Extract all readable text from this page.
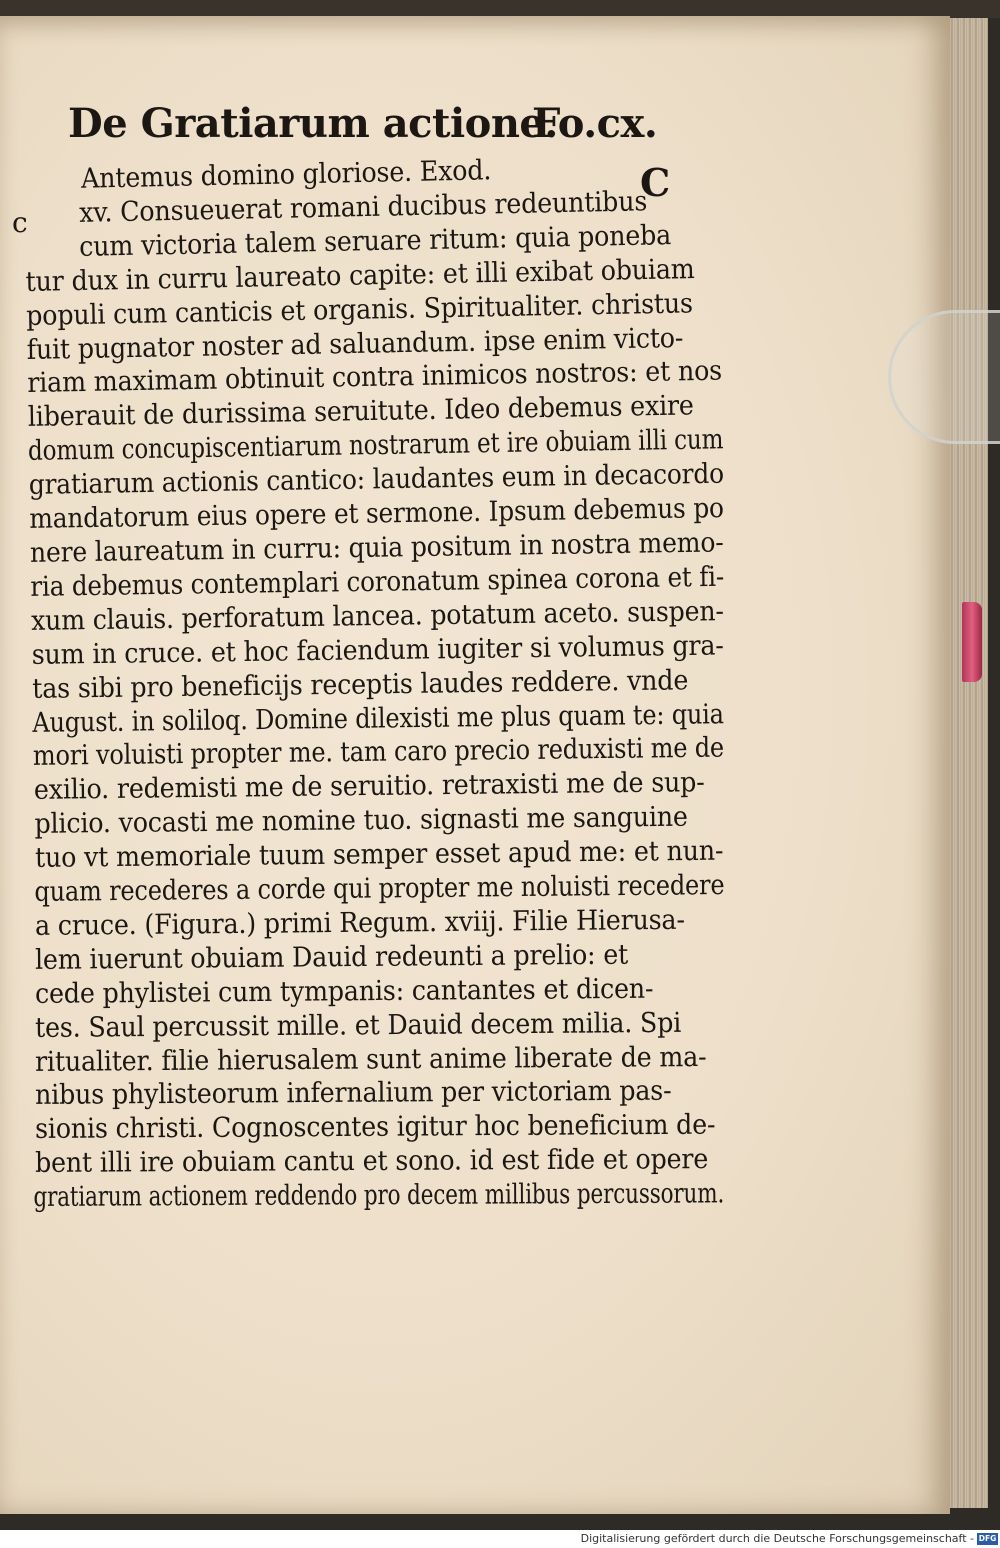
De Gratiarum actione.
Fo.cx.
Antemus domino gloriose. Exod.
xv. Consueuerat romani ducibus redeuntibus
cum victoria talem seruare ritum: quia poneba
tur dux in curru laureato capite: et illi exibat obuiam
populi cum canticis et organis. Spiritualiter. christus
fuit pugnator noster ad saluandum. ipse enim victo-
riam maximam obtinuit contra inimicos nostros: et nos
liberauit de durissima seruitute. Ideo debemus exire
domum concupiscentiarum nostrarum et ire obuiam illi cum
gratiarum actionis cantico: laudantes eum in decacordo
mandatorum eius opere et sermone. Ipsum debemus po
nere laureatum in curru: quia positum in nostra memo-
ria debemus contemplari coronatum spinea corona et fi-
xum clauis. perforatum lancea. potatum aceto. suspen-
sum in cruce. et hoc faciendum iugiter si volumus gra-
tas sibi pro beneficijs receptis laudes reddere. vnde
August. in soliloq. Domine dilexisti me plus quam te: quia
mori voluisti propter me. tam caro precio reduxisti me de
exilio. redemisti me de seruitio. retraxisti me de sup-
plicio. vocasti me nomine tuo. signasti me sanguine
tuo vt memoriale tuum semper esset apud me: et nun-
quam recederes a corde qui propter me noluisti recedere
a cruce. (Figura.) primi Regum. xviij. Filie Hierusa-
lem iuerunt obuiam Dauid redeunti a prelio: et
cede phylistei cum tympanis: cantantes et dicen-
tes. Saul percussit mille. et Dauid decem milia. Spi
ritualiter. filie hierusalem sunt anime liberate de ma-
nibus phylisteorum infernalium per victoriam pas-
sionis christi. Cognoscentes igitur hoc beneficium de-
bent illi ire obuiam cantu et sono. id est fide et opere
gratiarum actionem reddendo pro decem millibus percussorum.
c
C
Digitalisierung gefördert durch die Deutsche Forschungsgemeinschaft - DFG
